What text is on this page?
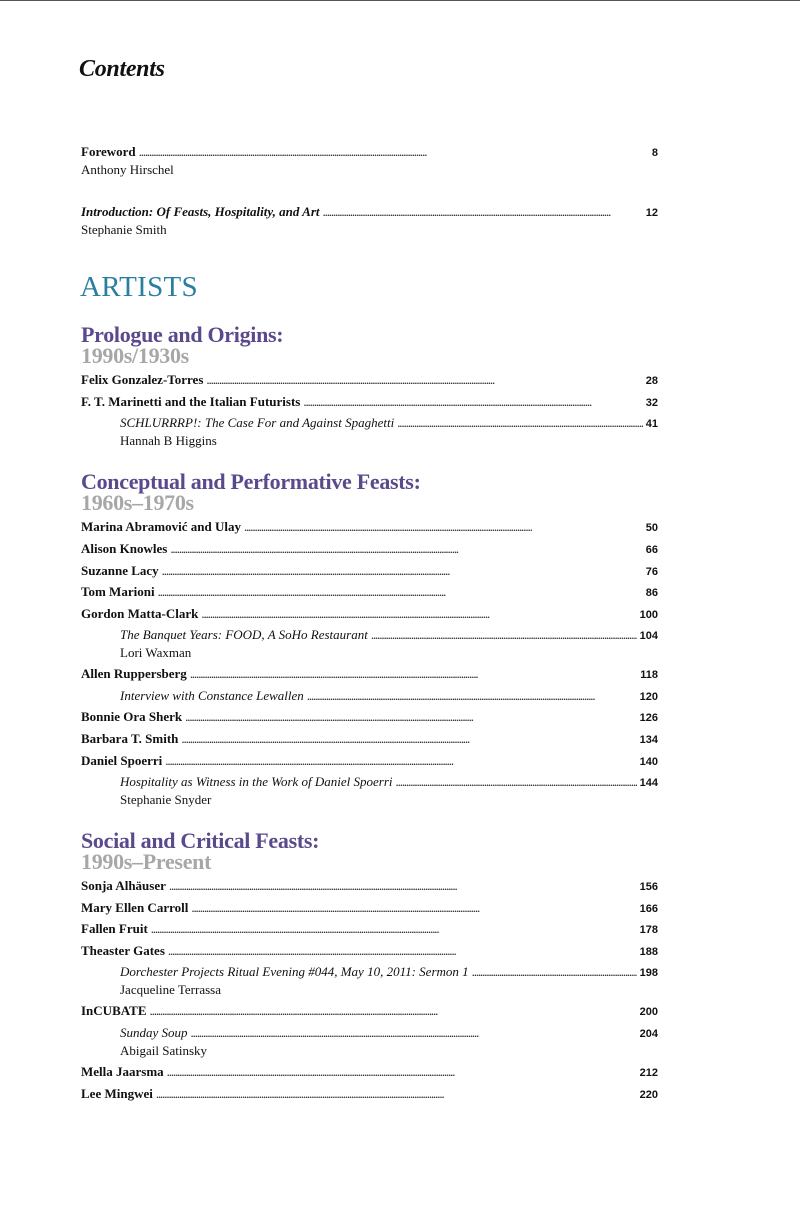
Contents
Foreword . . .	8
Anthony Hirschel
Introduction: Of Feasts, Hospitality, and Art . . .	12
Stephanie Smith
ARTISTS
Prologue and Origins:
1990s/1930s
Felix Gonzalez-Torres . . .	28
F. T. Marinetti and the Italian Futurists . . .	32
SCHLURRRP!: The Case For and Against Spaghetti . . .	41
Hannah B Higgins
Conceptual and Performative Feasts:
1960s–1970s
Marina Abramović and Ulay . . .	50
Alison Knowles . . .	66
Suzanne Lacy . . .	76
Tom Marioni . . .	86
Gordon Matta-Clark . . .	100
The Banquet Years: FOOD, A SoHo Restaurant . . .	104
Lori Waxman
Allen Ruppersberg . . .	118
Interview with Constance Lewallen . . .	120
Bonnie Ora Sherk . . .	126
Barbara T. Smith . . .	134
Daniel Spoerri . . .	140
Hospitality as Witness in the Work of Daniel Spoerri . . .	144
Stephanie Snyder
Social and Critical Feasts:
1990s–Present
Sonja Alhäuser . . .	156
Mary Ellen Carroll . . .	166
Fallen Fruit . . .	178
Theaster Gates . . .	188
Dorchester Projects Ritual Evening #044, May 10, 2011: Sermon 1 . . .	198
Jacqueline Terrassa
InCUBATE . . .	200
Sunday Soup . . .	204
Abigail Satinsky
Mella Jaarsma . . .	212
Lee Mingwei . . .	220
